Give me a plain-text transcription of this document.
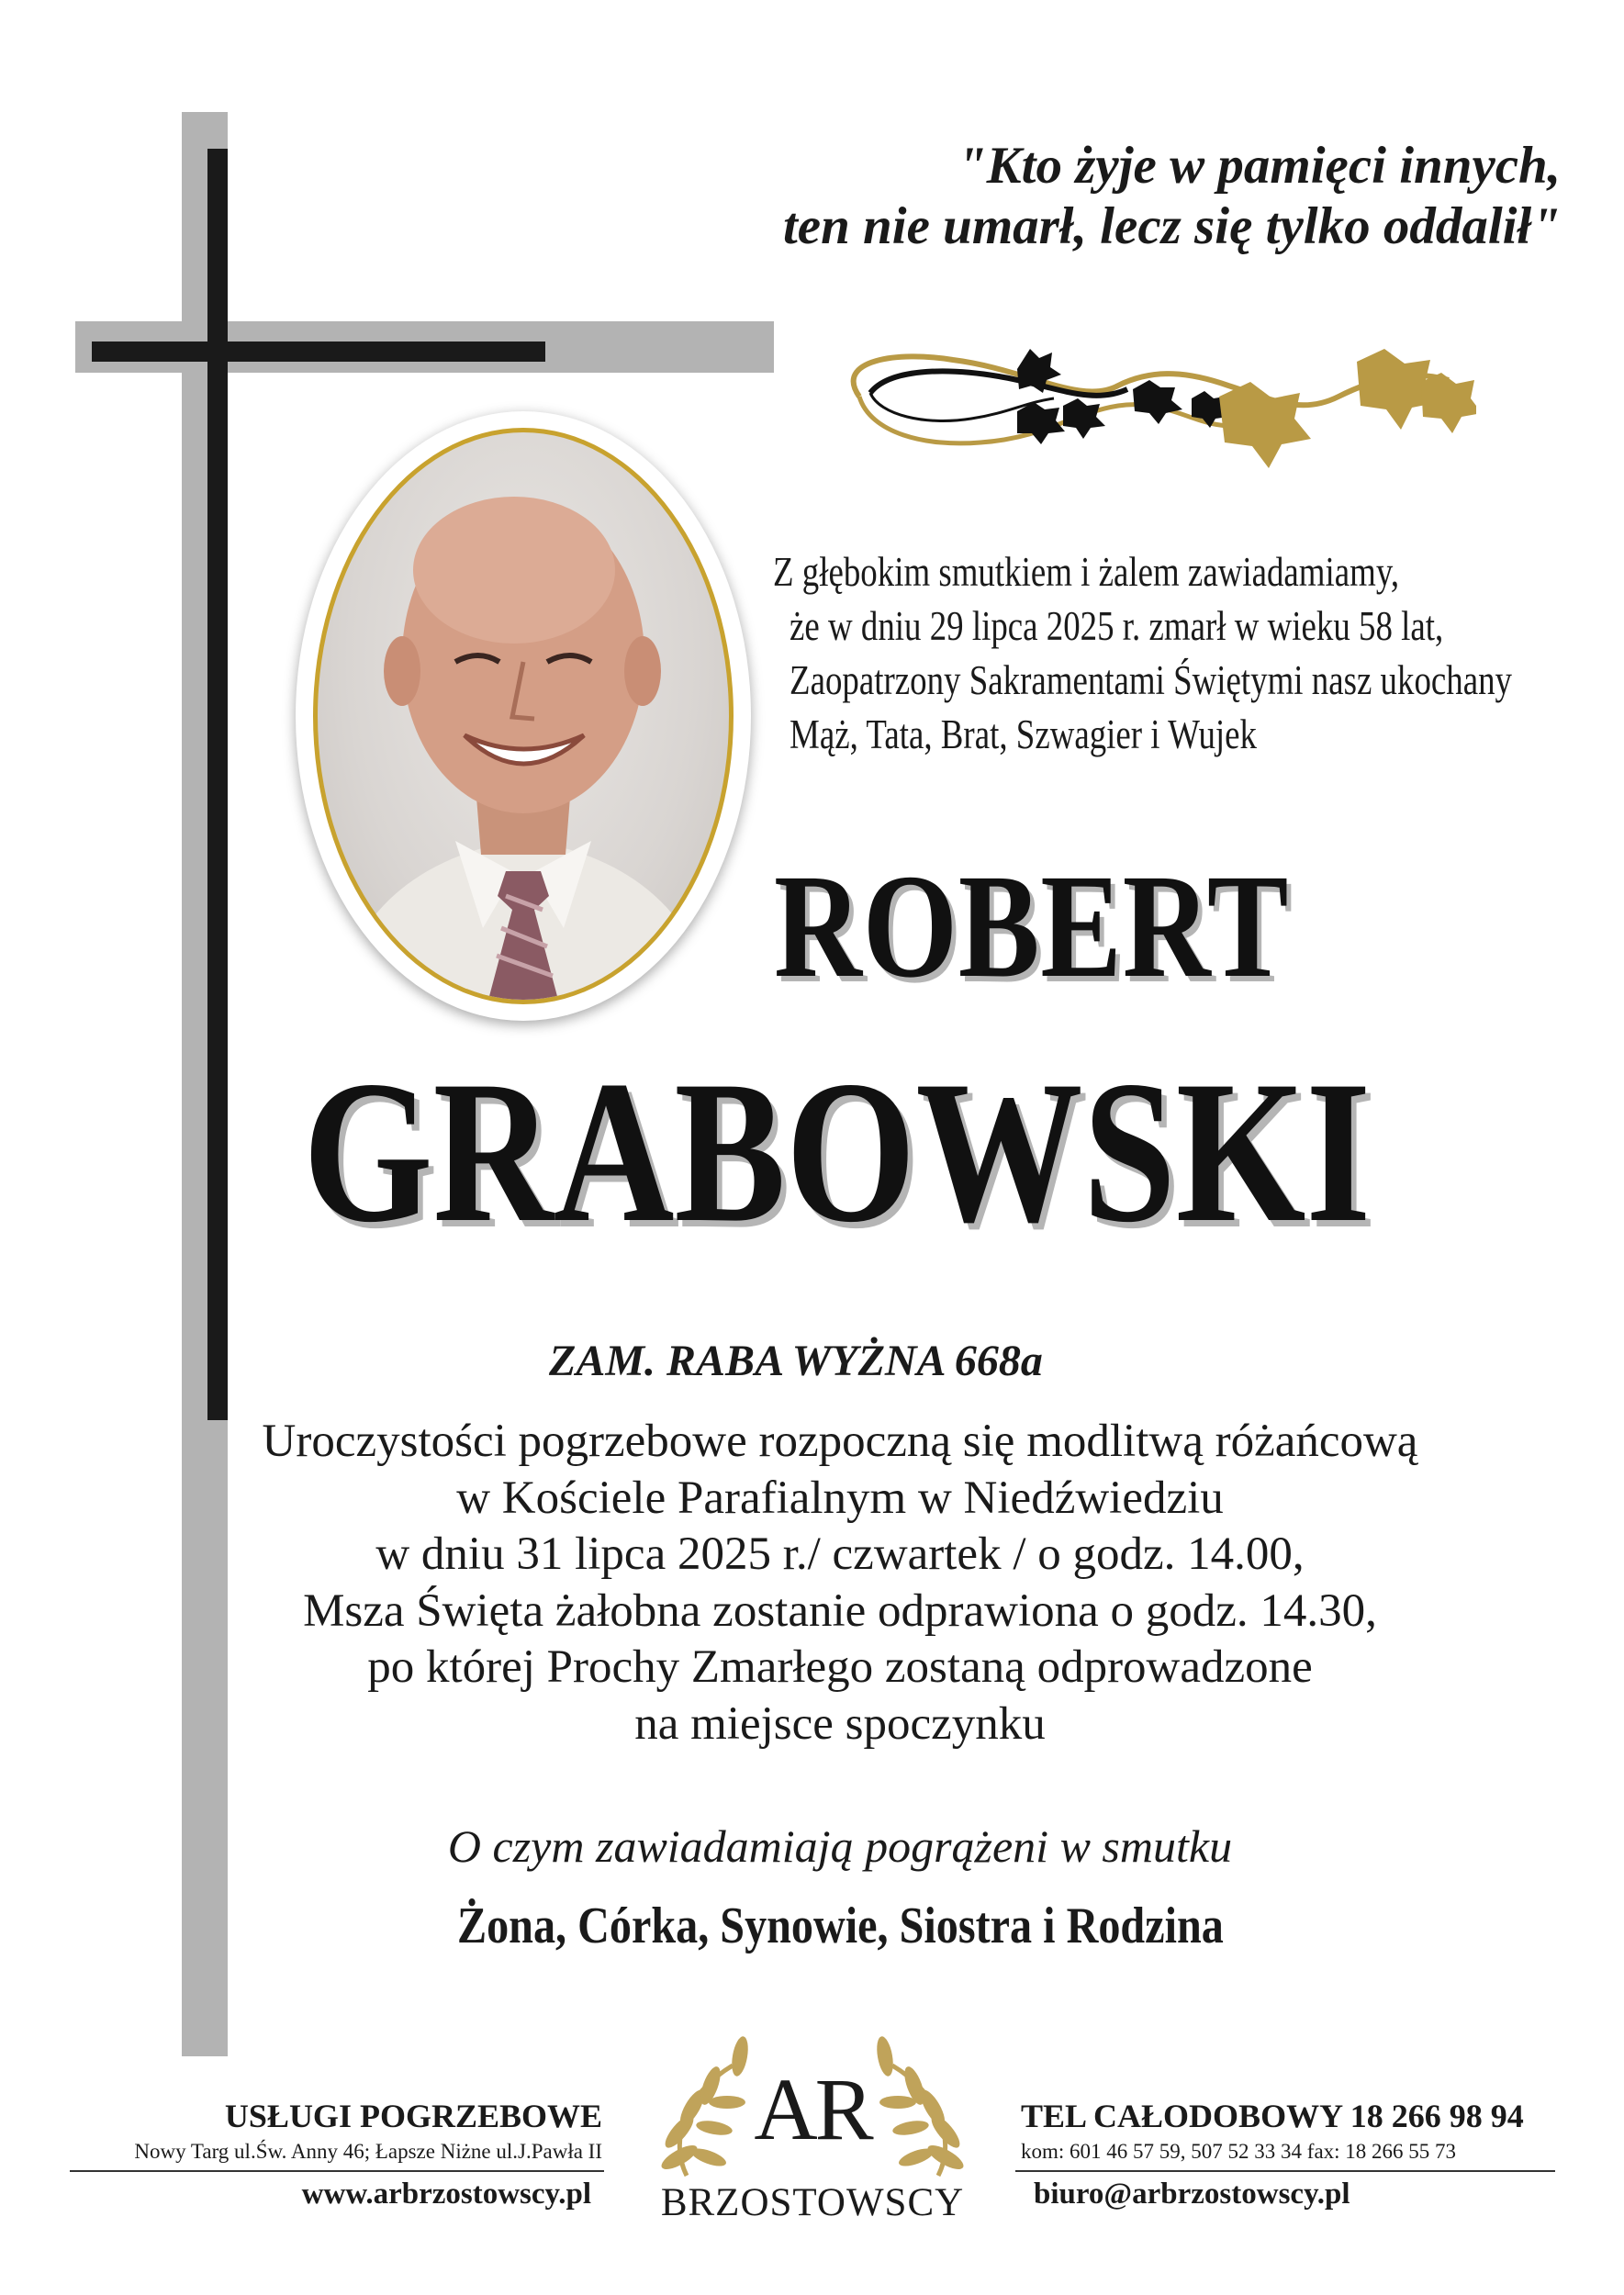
"Kto żyje w pamięci innych,
ten nie umarł, lecz się tylko oddalił"
Z głębokim smutkiem i żalem zawiadamiamy,
że w dniu 29 lipca 2025 r. zmarł w wieku 58 lat,
Zaopatrzony Sakramentami Świętymi nasz ukochany
Mąż, Tata, Brat, Szwagier i Wujek
ROBERT
GRABOWSKI
ZAM. RABA WYŻNA 668a
Uroczystości pogrzebowe rozpoczną się modlitwą różańcową
w Kościele Parafialnym w Niedźwiedziu
w dniu 31 lipca 2025 r./ czwartek / o godz. 14.00,
Msza Święta żałobna zostanie odprawiona o godz. 14.30,
po której Prochy Zmarłego zostaną odprowadzone
na miejsce spoczynku
O czym zawiadamiają pogrążeni w smutku
Żona, Córka, Synowie, Siostra i Rodzina
USŁUGI POGRZEBOWE
Nowy Targ ul.Św. Anny 46; Łapsze Niżne ul.J.Pawła II
www.arbrzostowscy.pl
AR
BRZOSTOWSCY
TEL CAŁODOBOWY 18 266 98 94
kom: 601 46 57 59, 507 52 33 34 fax: 18 266 55 73
biuro@arbrzostowscy.pl
